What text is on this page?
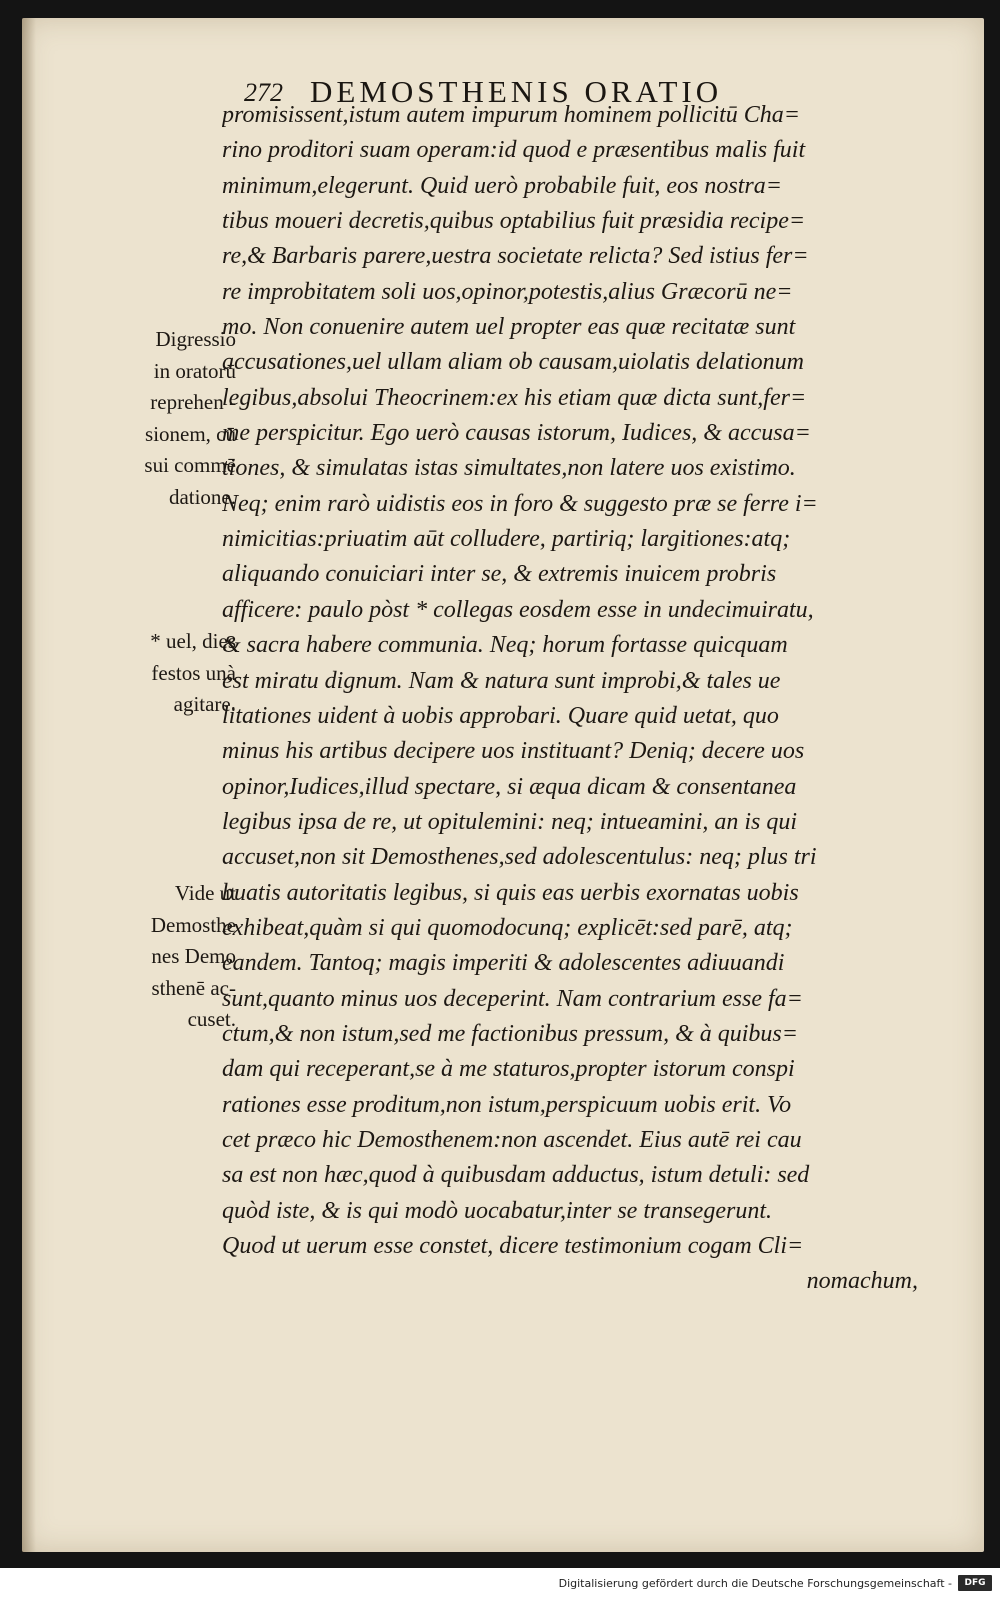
272 DEMOSTHENIS ORATIO
promisissent,istum autem impurum hominem pollicitū Cha=
rino proditori suam operam:id quod e præsentibus malis fuit
minimum,elegerunt. Quid uerò probabile fuit, eos nostra=
tibus moueri decretis,quibus optabilius fuit præsidia recipe=
re,& Barbaris parere,uestra societate relicta? Sed istius fer=
re improbitatem soli uos,opinor,potestis,alius Græcorū ne=
mo. Non conuenire autem uel propter eas quæ recitatæ sunt
accusationes,uel ullam aliam ob causam,uiolatis delationum
legibus,absolui Theocrinem:ex his etiam quæ dicta sunt,fer=
me perspicitur. Ego uerò causas istorum, Iudices, & accusa=
tiones, & simulatas istas simultates,non latere uos existimo.
Neq; enim rarò uidistis eos in foro & suggesto præ se ferre i=
nimicitias:priuatim aūt colludere, partiriq; largitiones:atq;
aliquando conuiciari inter se, & extremis inuicem probris
afficere: paulo pòst * collegas eosdem esse in undecimuiratu,
& sacra habere communia. Neq; horum fortasse quicquam
est miratu dignum. Nam & natura sunt improbi,& tales ue
litationes uident à uobis approbari. Quare quid uetat, quo
minus his artibus decipere uos instituant? Deniq; decere uos
opinor,Iudices,illud spectare, si æqua dicam & consentanea
legibus ipsa de re, ut opitulemini: neq; intueamini, an is qui
accuset,non sit Demosthenes,sed adolescentulus: neq; plus tri
buatis autoritatis legibus, si quis eas uerbis exornatas uobis
exhibeat,quàm si qui quomodocunq; explicēt:sed parē, atq;
eandem. Tantoq; magis imperiti & adolescentes adiuuandi
sunt,quanto minus uos deceperint. Nam contrarium esse fa=
ctum,& non istum,sed me factionibus pressum, & à quibus=
dam qui receperant,se à me staturos,propter istorum conspi
rationes esse proditum,non istum,perspicuum uobis erit. Vo
cet præco hic Demosthenem:non ascendet. Eius autē rei cau
sa est non hæc,quod à quibusdam adductus, istum detuli: sed
quòd iste, & is qui modò uocabatur,inter se transegerunt.
Quod ut uerum esse constet, dicere testimonium cogam Cli=
nomachum,
Digressio
in oratorū
reprehen -
sionem, cū
sui commē
datione.
* uel, dies
festos unà
agitare.
Vide ut
Demosthe
nes Demo
sthenē ac-
cuset.
Digitalisierung gefördert durch die Deutsche Forschungsgemeinschaft -	DFG
